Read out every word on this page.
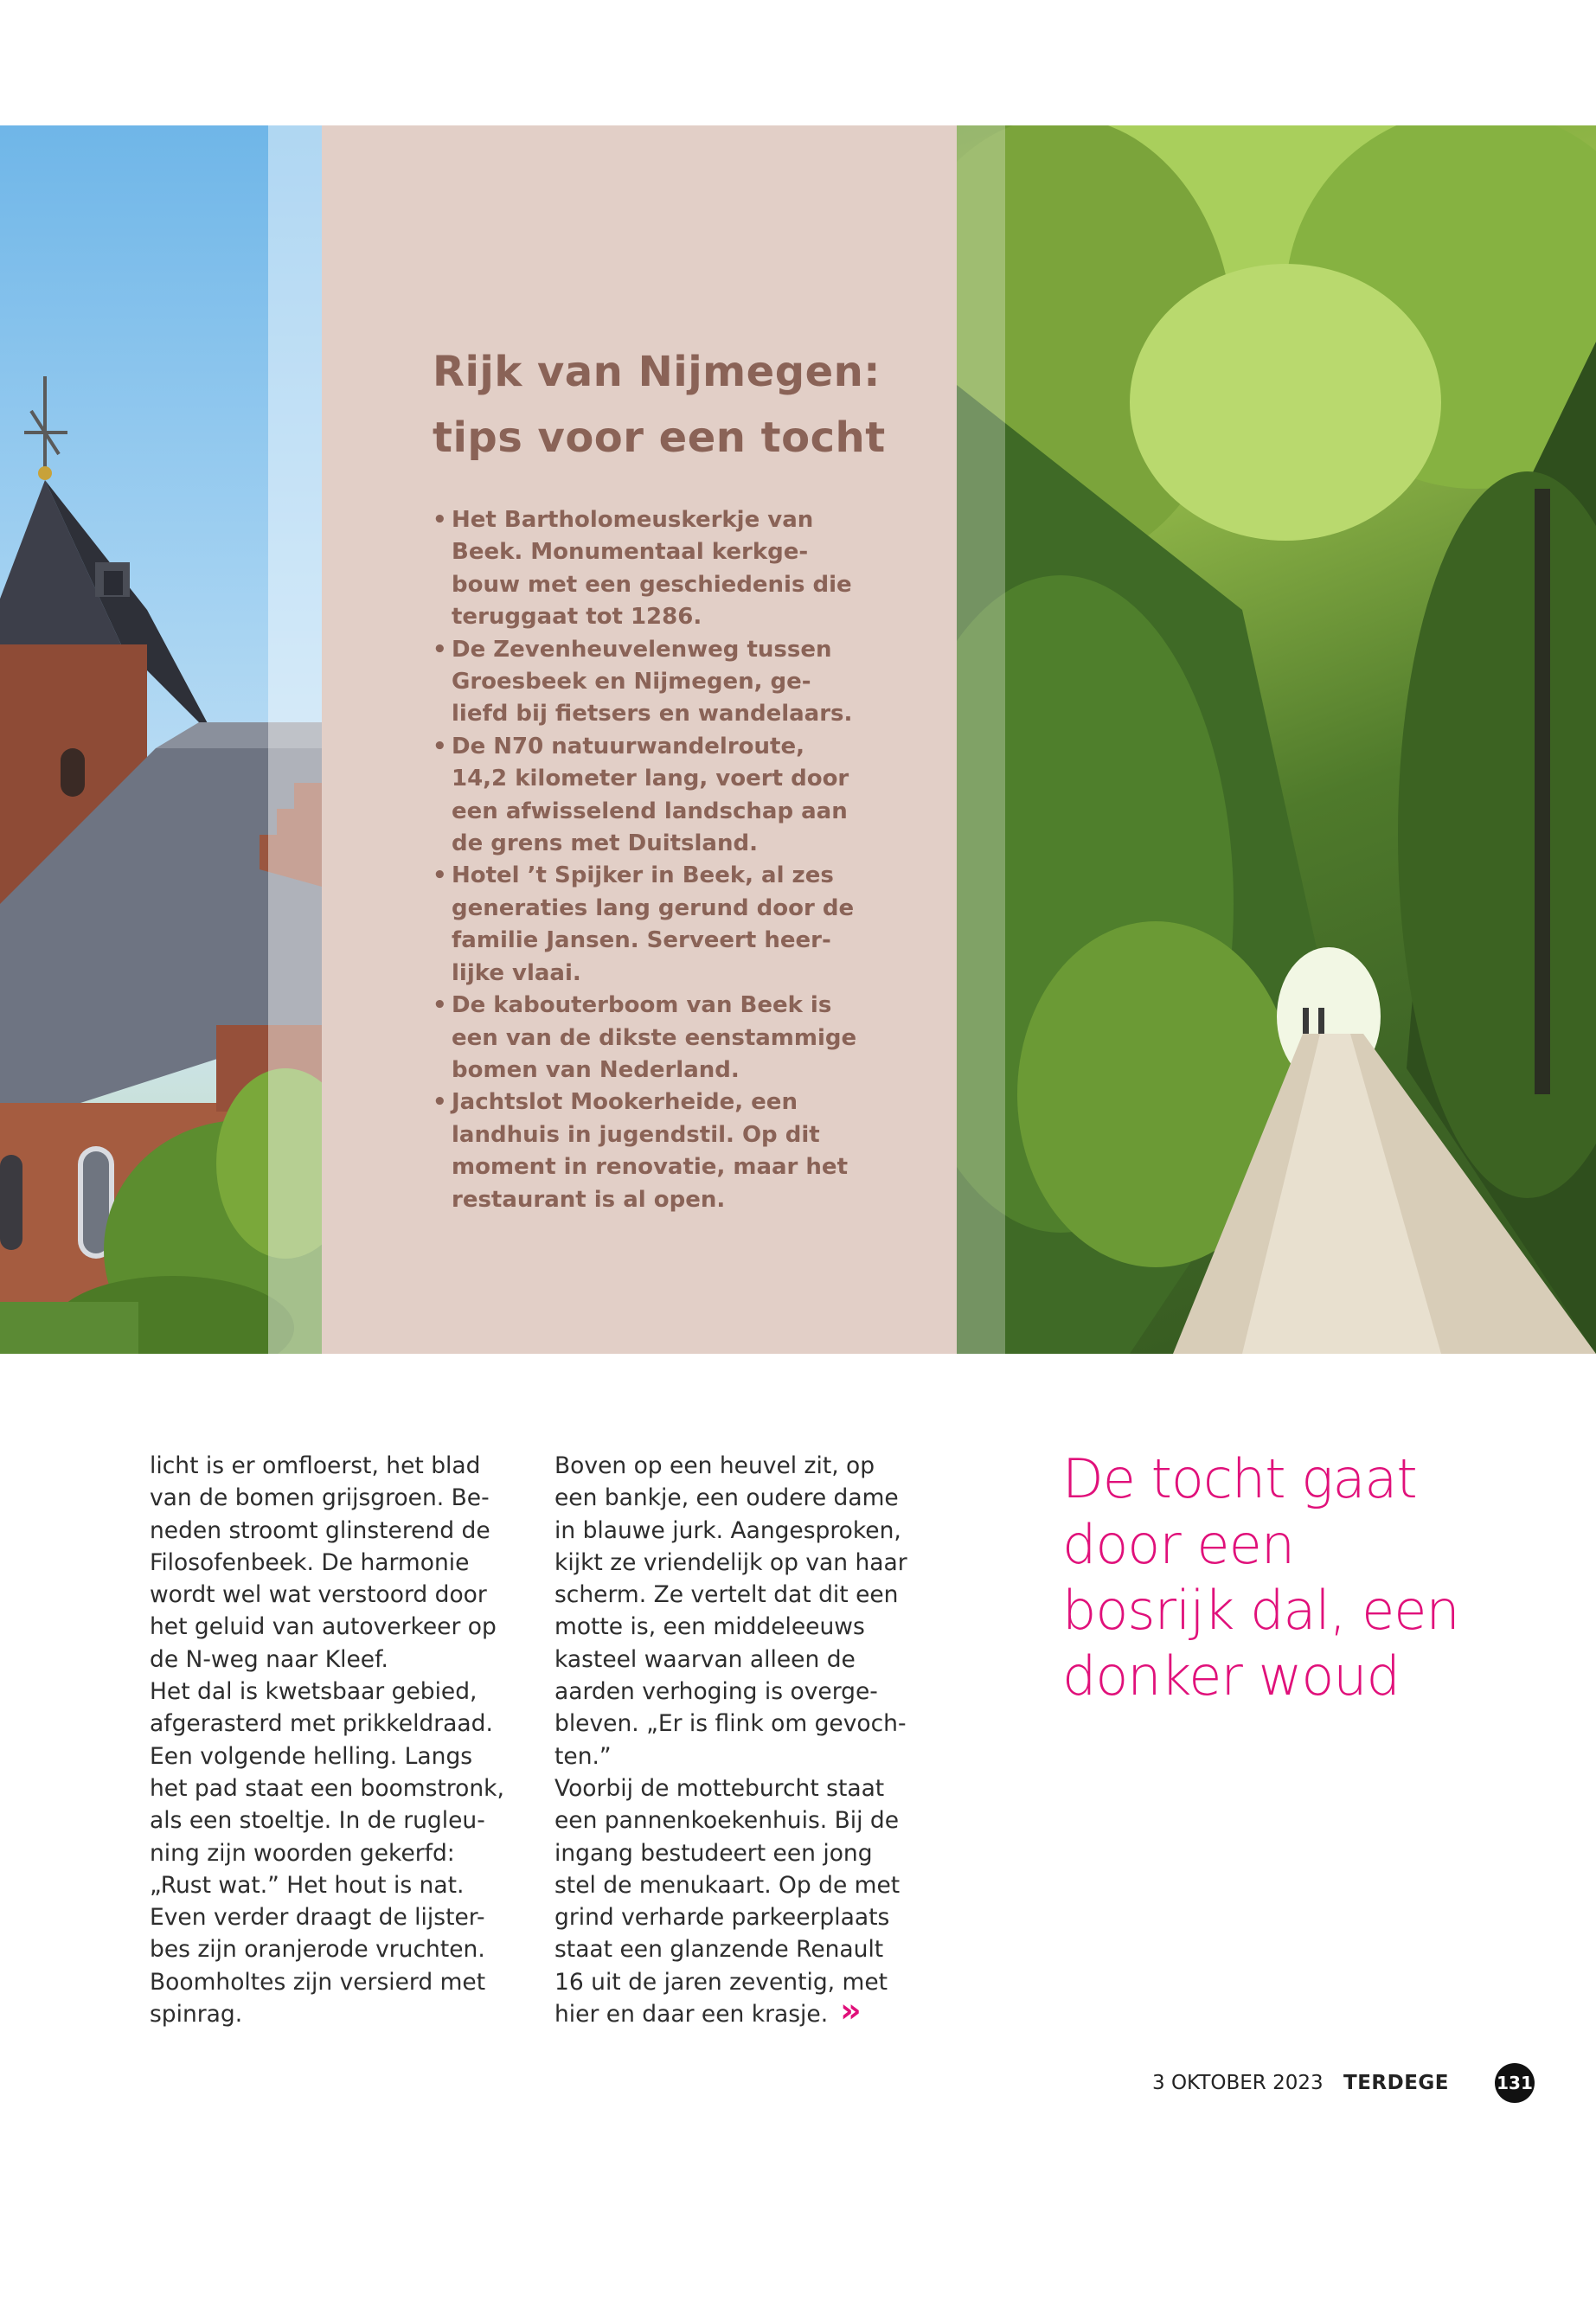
Rijk van Nijmegen:
tips voor een tocht
• Het Bartholomeuskerkje van
Beek. Monumentaal kerkge-
bouw met een geschiedenis die
teruggaat tot 1286.
• De Zevenheuvelenweg tussen
Groesbeek en Nijmegen, ge-
liefd bij fietsers en wandelaars.
• De N70 natuurwandelroute,
14,2 kilometer lang, voert door
een afwisselend landschap aan
de grens met Duitsland.
• Hotel ’t Spijker in Beek, al zes
generaties lang gerund door de
familie Jansen. Serveert heer-
lijke vlaai.
• De kabouterboom van Beek is
een van de dikste eenstammige
bomen van Nederland.
• Jachtslot Mookerheide, een
landhuis in jugendstil. Op dit
moment in renovatie, maar het
restaurant is al open.

licht is er omfloerst, het blad
van de bomen grijsgroen. Be-
neden stroomt glinsterend de
Filosofenbeek. De harmonie
wordt wel wat verstoord door
het geluid van autoverkeer op
de N-weg naar Kleef.
Het dal is kwetsbaar gebied,
afgerasterd met prikkeldraad.
Een volgende helling. Langs
het pad staat een boomstronk,
als een stoeltje. In de rugleu-
ning zijn woorden gekerfd:
„Rust wat.” Het hout is nat.
Even verder draagt de lijster-
bes zijn oranjerode vruchten.
Boomholtes zijn versierd met
spinrag.

Boven op een heuvel zit, op
een bankje, een oudere dame
in blauwe jurk. Aangesproken,
kijkt ze vriendelijk op van haar
scherm. Ze vertelt dat dit een
motte is, een middeleeuws
kasteel waarvan alleen de
aarden verhoging is overge-
bleven. „Er is flink om gevoch-
ten.”
Voorbij de motteburcht staat
een pannenkoekenhuis. Bij de
ingang bestudeert een jong
stel de menukaart. Op de met
grind verharde parkeerplaats
staat een glanzende Renault
16 uit de jaren zeventig, met
hier en daar een krasje. »

De tocht gaat
door een
bosrijk dal, een
donker woud

3 OKTOBER 2023 TERDEGE	131
